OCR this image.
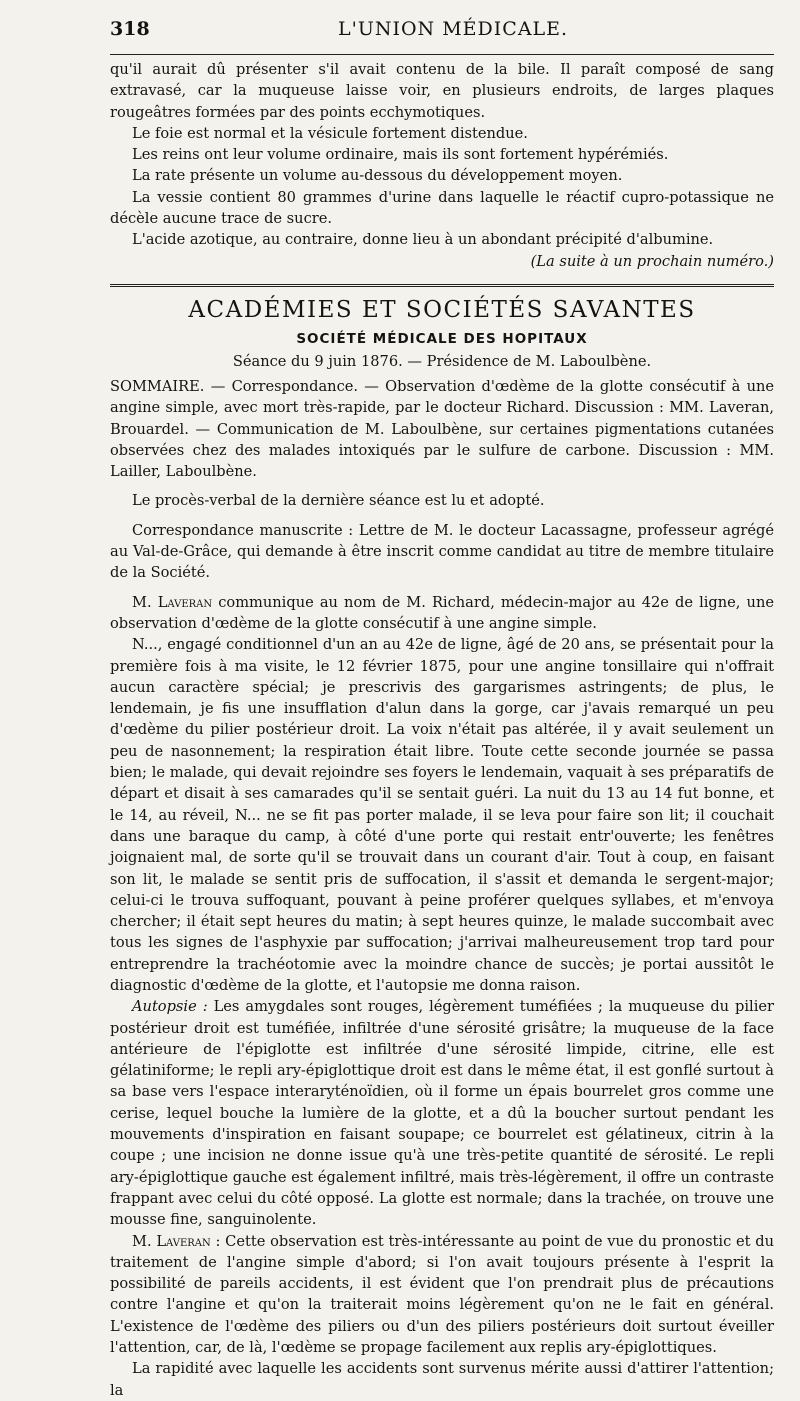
318	L'UNION MÉDICALE.

qu'il aurait dû présenter s'il avait contenu de la bile. Il paraît composé de sang extravasé, car la muqueuse laisse voir, en plusieurs endroits, de larges plaques rougeâtres formées par des points ecchymotiques.

Le foie est normal et la vésicule fortement distendue.

Les reins ont leur volume ordinaire, mais ils sont fortement hypérémiés.

La rate présente un volume au-dessous du développement moyen.

La vessie contient 80 grammes d'urine dans laquelle le réactif cupro-potassique ne décèle aucune trace de sucre.

L'acide azotique, au contraire, donne lieu à un abondant précipité d'albumine.

(La suite à un prochain numéro.)

ACADÉMIES ET SOCIÉTÉS SAVANTES
SOCIÉTÉ MÉDICALE DES HOPITAUX
Séance du 9 juin 1876. — Présidence de M. Laboulbène.

SOMMAIRE. — Correspondance. — Observation d'œdème de la glotte consécutif à une angine simple, avec mort très-rapide, par le docteur Richard. Discussion : MM. Laveran, Brouardel. — Communication de M. Laboulbène, sur certaines pigmentations cutanées observées chez des malades intoxiqués par le sulfure de carbone. Discussion : MM. Lailler, Laboulbène.

Le procès-verbal de la dernière séance est lu et adopté.

Correspondance manuscrite : Lettre de M. le docteur Lacassagne, professeur agrégé au Val-de-Grâce, qui demande à être inscrit comme candidat au titre de membre titulaire de la Société.

M. Laveran communique au nom de M. Richard, médecin-major au 42e de ligne, une observation d'œdème de la glotte consécutif à une angine simple.

N..., engagé conditionnel d'un an au 42e de ligne, âgé de 20 ans, se présentait pour la première fois à ma visite, le 12 février 1875, pour une angine tonsillaire qui n'offrait aucun caractère spécial; je prescrivis des gargarismes astringents; de plus, le lendemain, je fis une insufflation d'alun dans la gorge, car j'avais remarqué un peu d'œdème du pilier postérieur droit. La voix n'était pas altérée, il y avait seulement un peu de nasonnement; la respiration était libre. Toute cette seconde journée se passa bien; le malade, qui devait rejoindre ses foyers le lendemain, vaquait à ses préparatifs de départ et disait à ses camarades qu'il se sentait guéri. La nuit du 13 au 14 fut bonne, et le 14, au réveil, N... ne se fit pas porter malade, il se leva pour faire son lit; il couchait dans une baraque du camp, à côté d'une porte qui restait entr'ouverte; les fenêtres joignaient mal, de sorte qu'il se trouvait dans un courant d'air. Tout à coup, en faisant son lit, le malade se sentit pris de suffocation, il s'assit et demanda le sergent-major; celui-ci le trouva suffoquant, pouvant à peine proférer quelques syllabes, et m'envoya chercher; il était sept heures du matin; à sept heures quinze, le malade succombait avec tous les signes de l'asphyxie par suffocation; j'arrivai malheureusement trop tard pour entreprendre la trachéotomie avec la moindre chance de succès; je portai aussitôt le diagnostic d'œdème de la glotte, et l'autopsie me donna raison.

Autopsie : Les amygdales sont rouges, légèrement tuméfiées ; la muqueuse du pilier postérieur droit est tuméfiée, infiltrée d'une sérosité grisâtre; la muqueuse de la face antérieure de l'épiglotte est infiltrée d'une sérosité limpide, citrine, elle est gélatiniforme; le repli ary-épiglottique droit est dans le même état, il est gonflé surtout à sa base vers l'espace interaryténoïdien, où il forme un épais bourrelet gros comme une cerise, lequel bouche la lumière de la glotte, et a dû la boucher surtout pendant les mouvements d'inspiration en faisant soupape; ce bourrelet est gélatineux, citrin à la coupe ; une incision ne donne issue qu'à une très-petite quantité de sérosité. Le repli ary-épiglottique gauche est également infiltré, mais très-légèrement, il offre un contraste frappant avec celui du côté opposé. La glotte est normale; dans la trachée, on trouve une mousse fine, sanguinolente.

M. Laveran : Cette observation est très-intéressante au point de vue du pronostic et du traitement de l'angine simple d'abord; si l'on avait toujours présente à l'esprit la possibilité de pareils accidents, il est évident que l'on prendrait plus de précautions contre l'angine et qu'on la traiterait moins légèrement qu'on ne le fait en général. L'existence de l'œdème des piliers ou d'un des piliers postérieurs doit surtout éveiller l'attention, car, de là, l'œdème se propage facilement aux replis ary-épiglottiques.

La rapidité avec laquelle les accidents sont survenus mérite aussi d'attirer l'attention; la
